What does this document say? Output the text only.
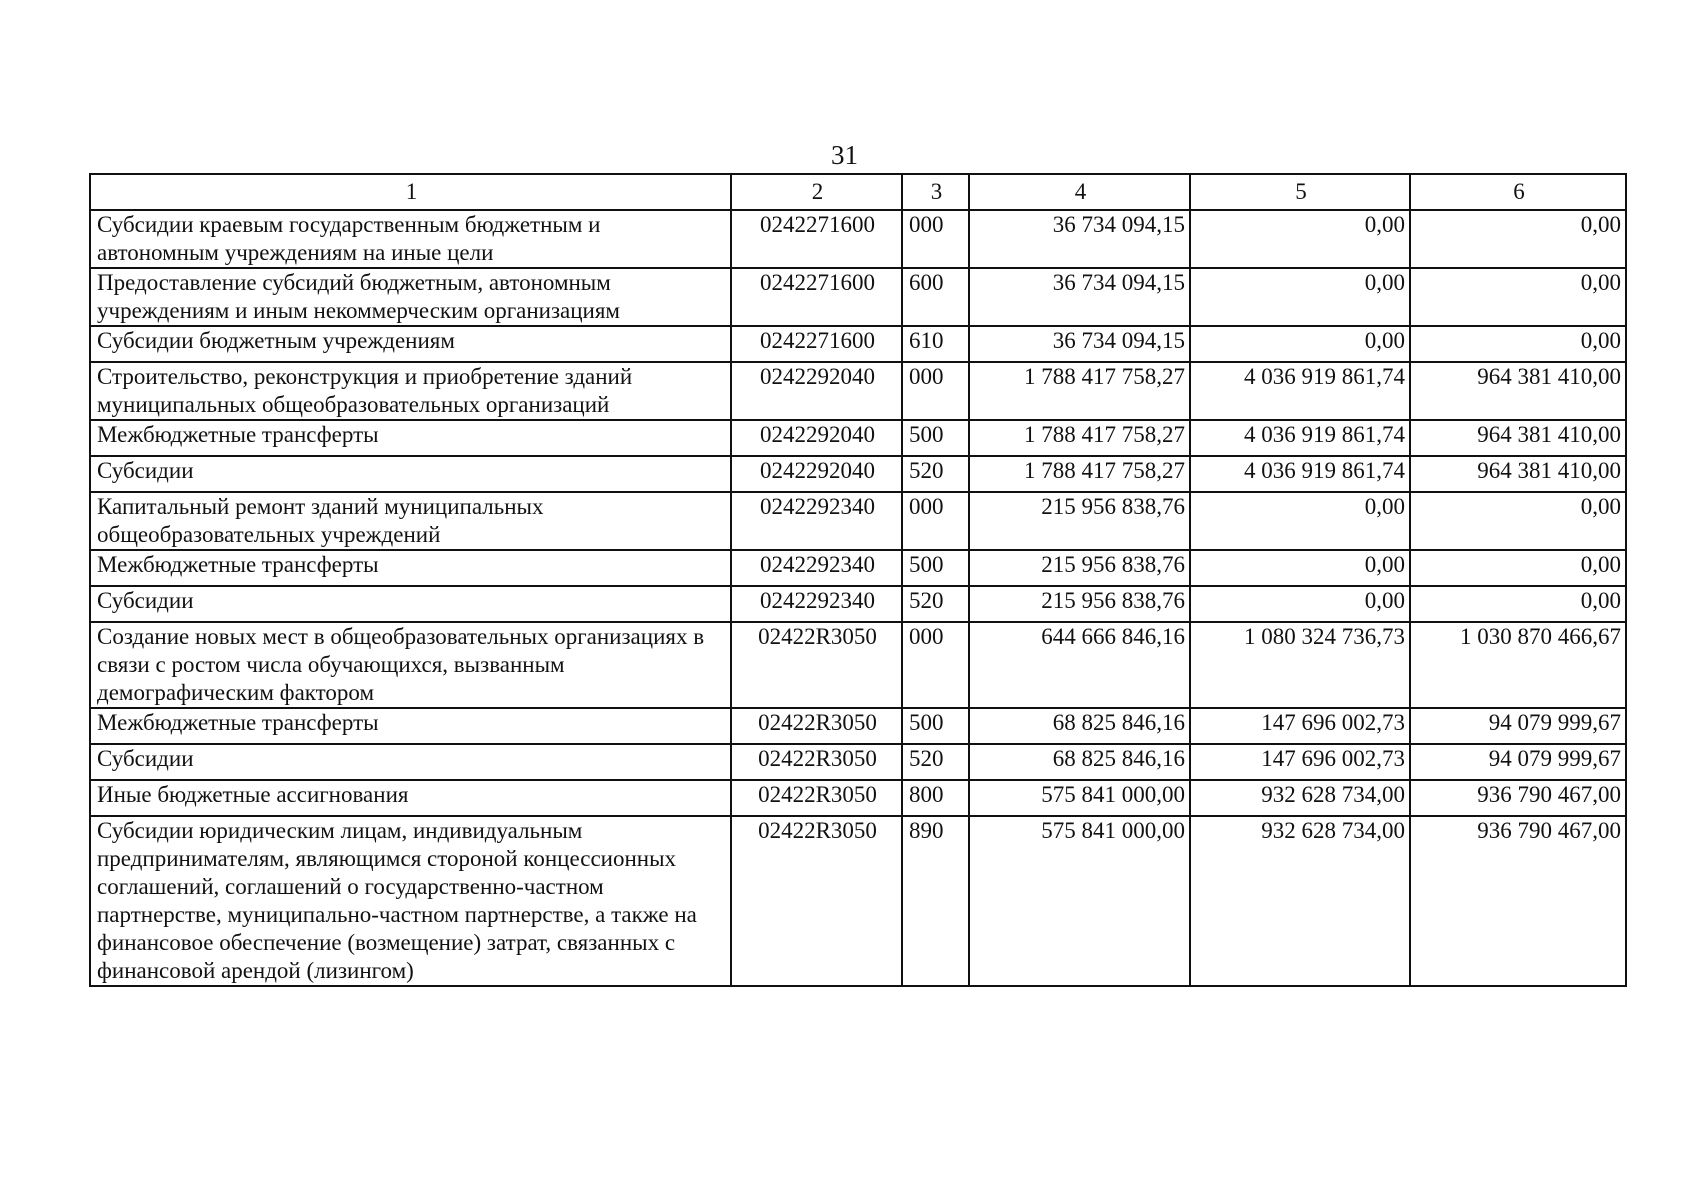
31
1	2	3	4	5	6
Субсидии краевым государственным бюджетным и автономным учреждениям на иные цели	0242271600	000	36 734 094,15	0,00	0,00
Предоставление субсидий бюджетным, автономным учреждениям и иным некоммерческим организациям	0242271600	600	36 734 094,15	0,00	0,00
Субсидии бюджетным учреждениям	0242271600	610	36 734 094,15	0,00	0,00
Строительство, реконструкция и приобретение зданий муниципальных общеобразовательных организаций	0242292040	000	1 788 417 758,27	4 036 919 861,74	964 381 410,00
Межбюджетные трансферты	0242292040	500	1 788 417 758,27	4 036 919 861,74	964 381 410,00
Субсидии	0242292040	520	1 788 417 758,27	4 036 919 861,74	964 381 410,00
Капитальный ремонт зданий муниципальных общеобразовательных учреждений	0242292340	000	215 956 838,76	0,00	0,00
Межбюджетные трансферты	0242292340	500	215 956 838,76	0,00	0,00
Субсидии	0242292340	520	215 956 838,76	0,00	0,00
Создание новых мест в общеобразовательных организациях в связи с ростом числа обучающихся, вызванным демографическим фактором	02422R3050	000	644 666 846,16	1 080 324 736,73	1 030 870 466,67
Межбюджетные трансферты	02422R3050	500	68 825 846,16	147 696 002,73	94 079 999,67
Субсидии	02422R3050	520	68 825 846,16	147 696 002,73	94 079 999,67
Иные бюджетные ассигнования	02422R3050	800	575 841 000,00	932 628 734,00	936 790 467,00
Субсидии юридическим лицам, индивидуальным предпринимателям, являющимся стороной концессионных соглашений, соглашений о государственно-частном партнерстве, муниципально-частном партнерстве, а также на финансовое обеспечение (возмещение) затрат, связанных с финансовой арендой (лизингом)	02422R3050	890	575 841 000,00	932 628 734,00	936 790 467,00
